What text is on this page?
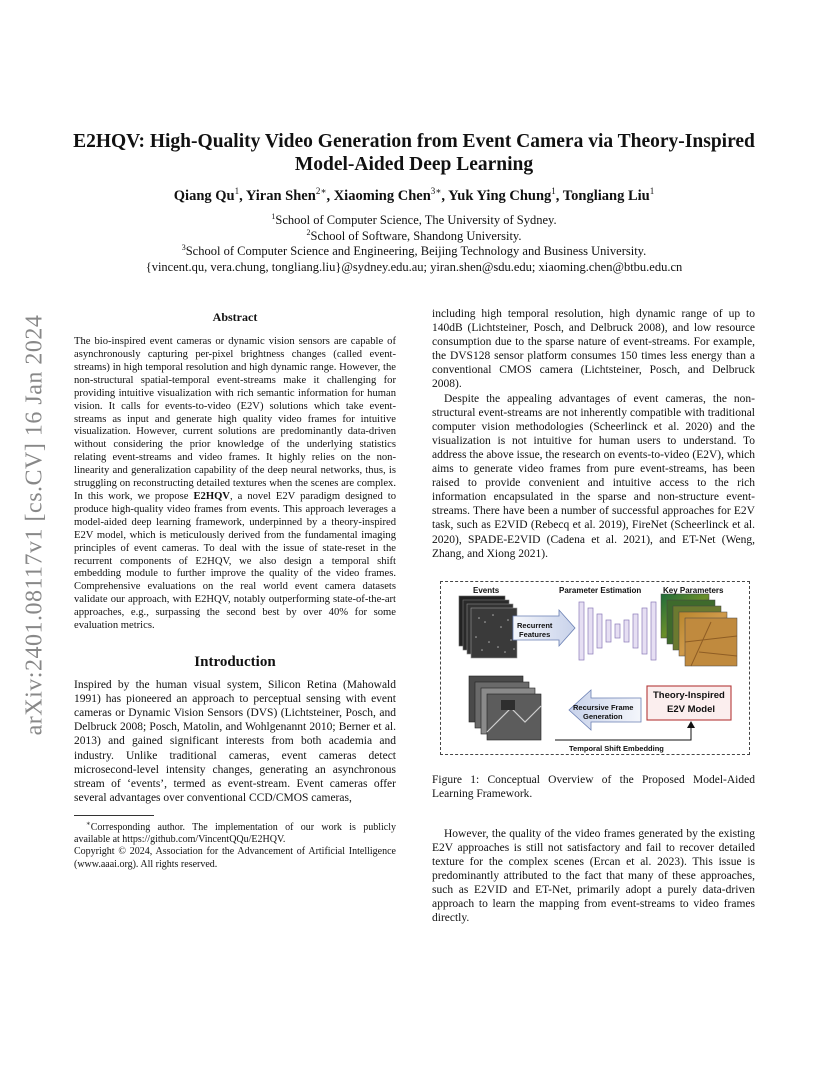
arXiv:2401.08117v1 [cs.CV] 16 Jan 2024
E2HQV: High-Quality Video Generation from Event Camera via Theory-Inspired
Model-Aided Deep Learning
Qiang Qu$^1$, Yiran Shen$^{2∗}$, Xiaoming Chen$^{3∗}$, Yuk Ying Chung$^1$, Tongliang Liu$^1$
$^1$School of Computer Science, The University of Sydney.
$^2$School of Software, Shandong University.
$^3$School of Computer Science and Engineering, Beijing Technology and Business University.
{vincent.qu, vera.chung, tongliang.liu}@sydney.edu.au; yiran.shen@sdu.edu; xiaoming.chen@btbu.edu.cn
Abstract

The bio-inspired event cameras or dynamic vision sensors are capable of asynchronously capturing per-pixel brightness changes (called event-streams) in high temporal resolution and high dynamic range. However, the non-structural spatial-temporal event-streams make it challenging for providing intuitive visualization with rich semantic information for human vision. It calls for events-to-video (E2V) solutions which take event-streams as input and generate high quality video frames for intuitive visualization. However, current solutions are predominantly data-driven without considering the prior knowledge of the underlying statistics relating event-streams and video frames. It highly relies on the non-linearity and generalization capability of the deep neural networks, thus, is struggling on reconstructing detailed textures when the scenes are complex. In this work, we propose E2HQV, a novel E2V paradigm designed to produce high-quality video frames from events. This approach leverages a model-aided deep learning framework, underpinned by a theory-inspired E2V model, which is meticulously derived from the fundamental imaging principles of event cameras. To deal with the issue of state-reset in the recurrent components of E2HQV, we also design a temporal shift embedding module to further improve the quality of the video frames. Comprehensive evaluations on the real world event camera datasets validate our approach, with E2HQV, notably outperforming state-of-the-art approaches, e.g., surpassing the second best by over 40% for some evaluation metrics.

Introduction

Inspired by the human visual system, Silicon Retina (Mahowald 1991) has pioneered an approach to perceptual sensing with event cameras or Dynamic Vision Sensors (DVS) (Lichtsteiner, Posch, and Delbruck 2008; Posch, Matolin, and Wohlgenannt 2010; Berner et al. 2013) and gained significant interests from both academia and industry. Unlike traditional cameras, event cameras detect microsecond-level intensity changes, generating an asynchronous stream of ‘events’, termed as event-stream. Event cameras offer several advantages over conventional CCD/CMOS cameras,

∗Corresponding author. The implementation of our work is publicly available at https://github.com/VincentQQu/E2HQV.

Copyright © 2024, Association for the Advancement of Artificial Intelligence (www.aaai.org). All rights reserved.

including high temporal resolution, high dynamic range of up to 140dB (Lichtsteiner, Posch, and Delbruck 2008), and low resource consumption due to the sparse nature of event-streams. For example, the DVS128 sensor platform consumes 150 times less energy than a conventional CMOS camera (Lichtsteiner, Posch, and Delbruck 2008).

Despite the appealing advantages of event cameras, the non-structural event-streams are not inherently compatible with traditional computer vision methodologies (Scheerlinck et al. 2020) and the visualization is not intuitive for human users to understand. To address the above issue, the research on events-to-video (E2V), which aims to generate video frames from pure event-streams, has been raised to provide convenient and intuitive access to the rich information encapsulated in the sparse and non-structure event-streams. There have been a number of successful approaches for E2V task, such as E2VID (Rebecq et al. 2019), FireNet (Scheerlinck et al. 2020), SPADE-E2VID (Cadena et al. 2021), and ET-Net (Weng, Zhang, and Xiong 2021).

Events	Parameter Estimation	Key Parameters
Recurrent
Features
Recursive Frame
Generation
Theory-Inspired
E2V Model
Temporal Shift Embedding

Figure 1: Conceptual Overview of the Proposed Model-Aided Learning Framework.

However, the quality of the video frames generated by the existing E2V approaches is still not satisfactory and fail to recover detailed texture for the complex scenes (Ercan et al. 2023). This issue is predominantly attributed to the fact that many of these approaches, such as E2VID and ET-Net, primarily adopt a purely data-driven approach to learn the mapping from event-streams to video frames directly.
